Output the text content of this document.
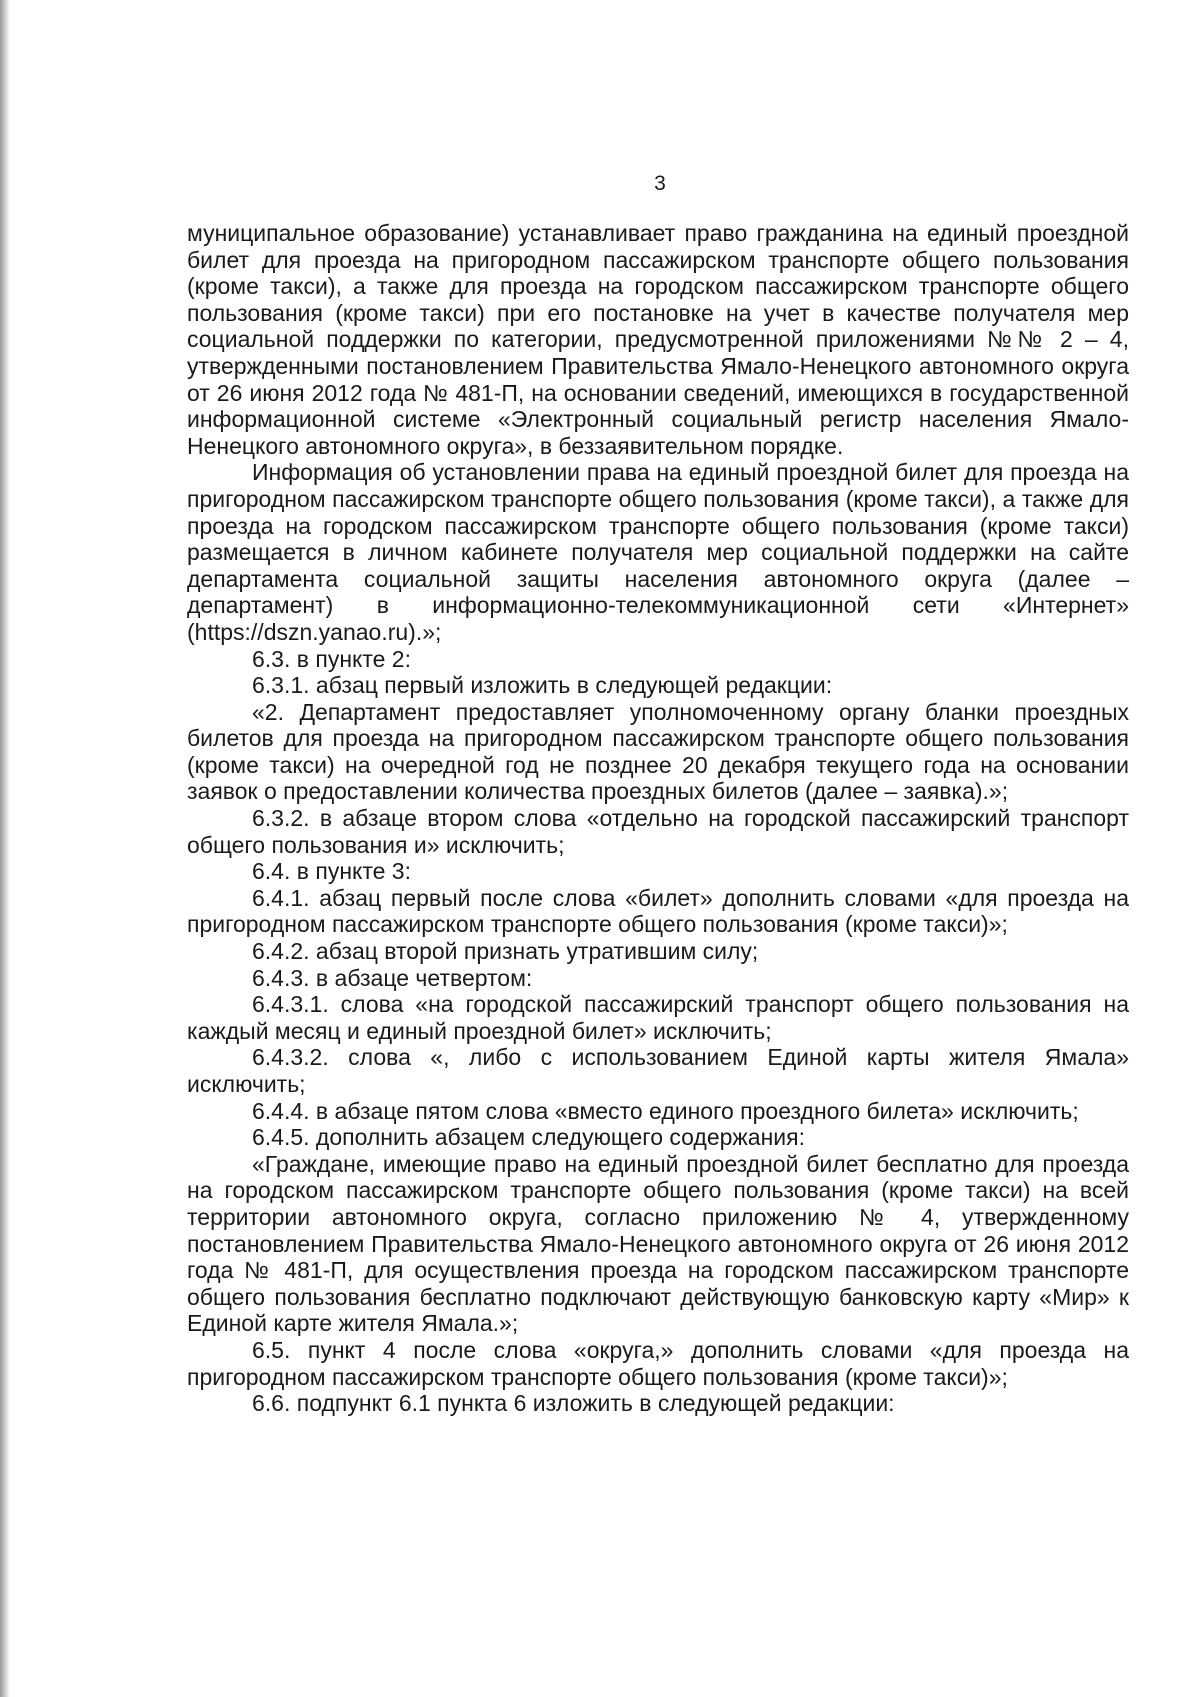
3

муниципальное образование) устанавливает право гражданина на единый проездной билет для проезда на пригородном пассажирском транспорте общего пользования (кроме такси), а также для проезда на городском пассажирском транспорте общего пользования (кроме такси) при его постановке на учет в качестве получателя мер социальной поддержки по категории, предусмотренной приложениями №№ 2 – 4, утвержденными постановлением Правительства Ямало-Ненецкого автономного округа от 26 июня 2012 года № 481-П, на основании сведений, имеющихся в государственной информационной системе «Электронный социальный регистр населения Ямало-Ненецкого автономного округа», в беззаявительном порядке.

Информация об установлении права на единый проездной билет для проезда на пригородном пассажирском транспорте общего пользования (кроме такси), а также для проезда на городском пассажирском транспорте общего пользования (кроме такси) размещается в личном кабинете получателя мер социальной поддержки на сайте департамента социальной защиты населения автономного округа (далее – департамент) в информационно-телекоммуникационной сети «Интернет» (https://dszn.yanao.ru).»;

6.3. в пункте 2:

6.3.1. абзац первый изложить в следующей редакции:

«2. Департамент предоставляет уполномоченному органу бланки проездных билетов для проезда на пригородном пассажирском транспорте общего пользования (кроме такси) на очередной год не позднее 20 декабря текущего года на основании заявок о предоставлении количества проездных билетов (далее – заявка).»;

6.3.2. в абзаце втором слова «отдельно на городской пассажирский транспорт общего пользования и» исключить;

6.4. в пункте 3:

6.4.1. абзац первый после слова «билет» дополнить словами «для проезда на пригородном пассажирском транспорте общего пользования (кроме такси)»;

6.4.2. абзац второй признать утратившим силу;

6.4.3. в абзаце четвертом:

6.4.3.1. слова «на городской пассажирский транспорт общего пользования на каждый месяц и единый проездной билет» исключить;

6.4.3.2. слова «, либо с использованием Единой карты жителя Ямала» исключить;

6.4.4. в абзаце пятом слова «вместо единого проездного билета» исключить;

6.4.5. дополнить абзацем следующего содержания:

«Граждане, имеющие право на единый проездной билет бесплатно для проезда на городском пассажирском транспорте общего пользования (кроме такси) на всей территории автономного округа, согласно приложению № 4, утвержденному постановлением Правительства Ямало-Ненецкого автономного округа от 26 июня 2012 года № 481-П, для осуществления проезда на городском пассажирском транспорте общего пользования бесплатно подключают действующую банковскую карту «Мир» к Единой карте жителя Ямала.»;

6.5. пункт 4 после слова «округа,» дополнить словами «для проезда на пригородном пассажирском транспорте общего пользования (кроме такси)»;

6.6. подпункт 6.1 пункта 6 изложить в следующей редакции:
